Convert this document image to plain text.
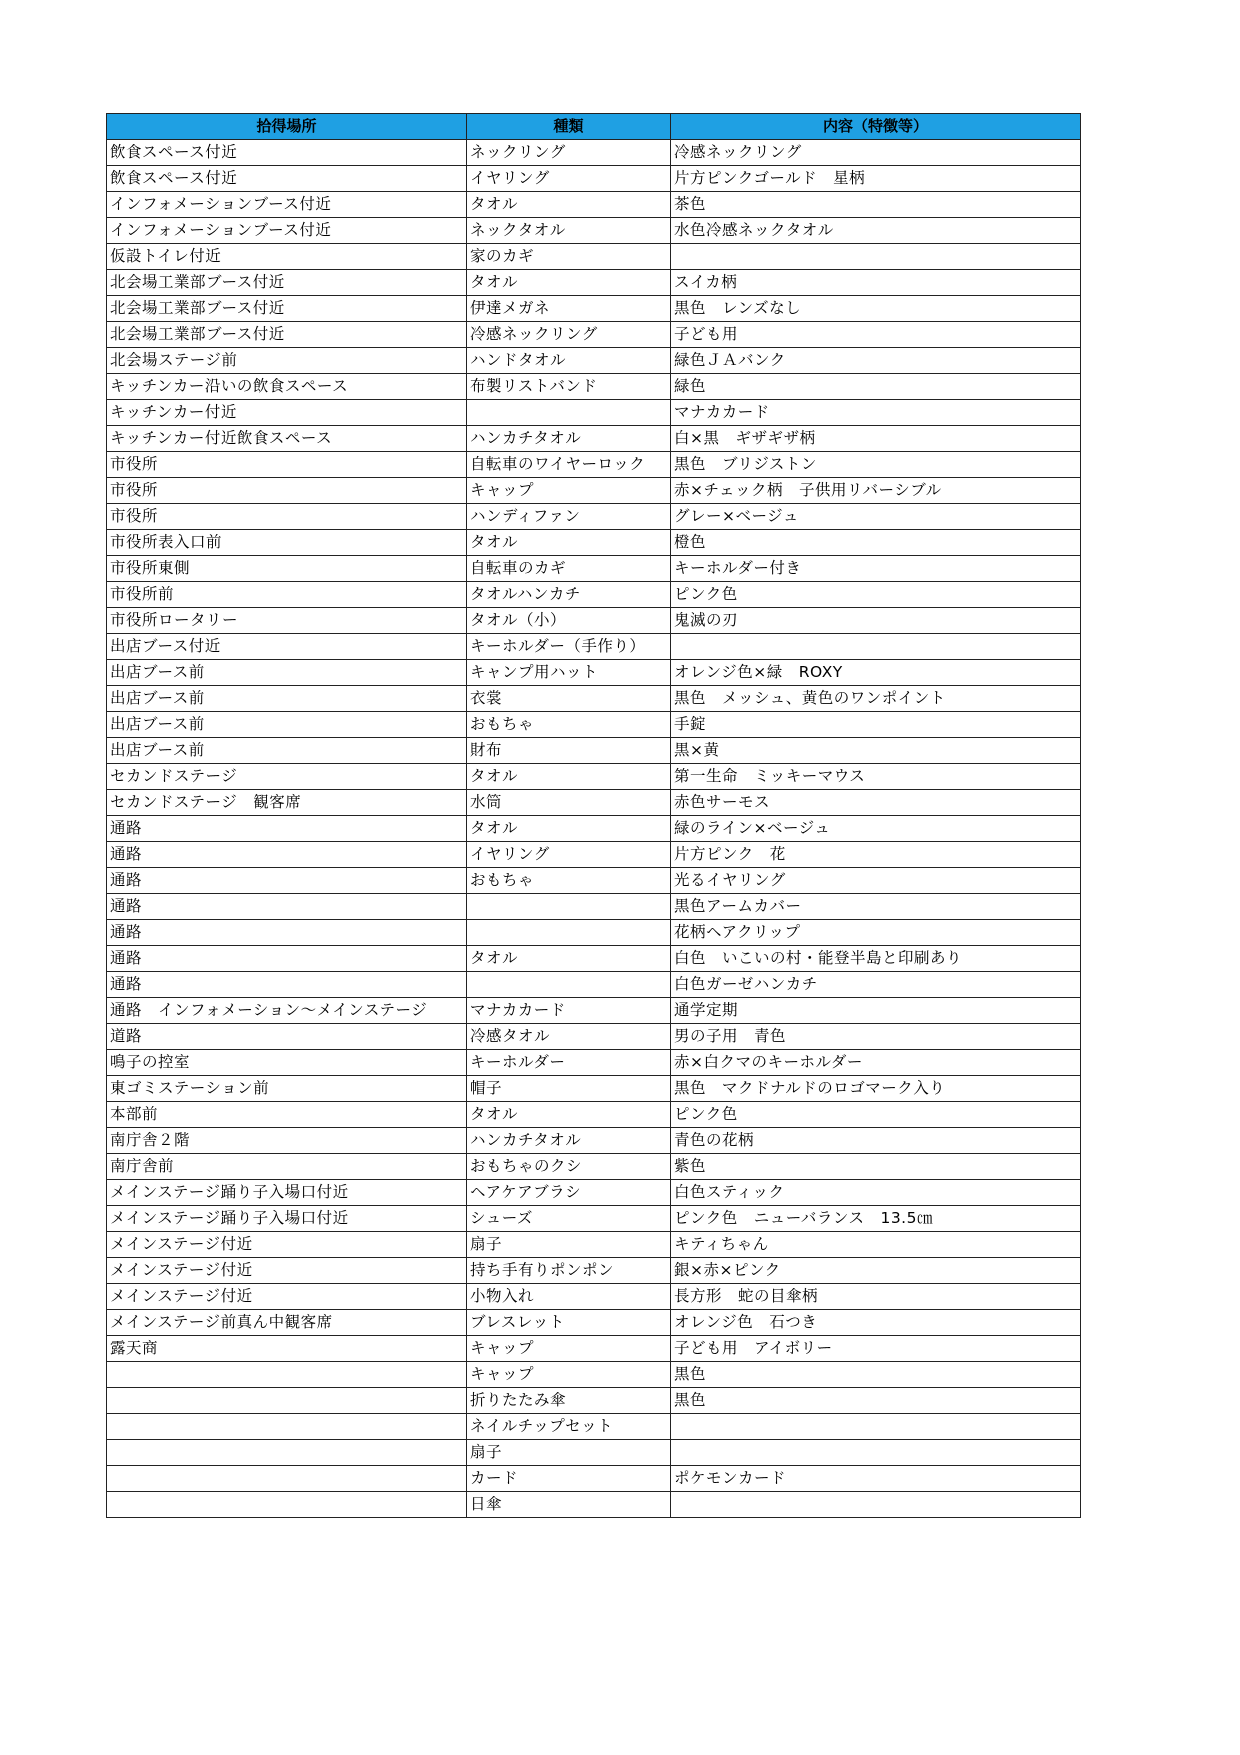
拾得場所	種類	内容（特徴等）
飲食スペース付近	ネックリング	冷感ネックリング
飲食スペース付近	イヤリング	片方ピンクゴールド　星柄
インフォメーションブース付近	タオル	茶色
インフォメーションブース付近	ネックタオル	水色冷感ネックタオル
仮設トイレ付近	家のカギ	
北会場工業部ブース付近	タオル	スイカ柄
北会場工業部ブース付近	伊達メガネ	黒色　レンズなし
北会場工業部ブース付近	冷感ネックリング	子ども用
北会場ステージ前	ハンドタオル	緑色ＪＡバンク
キッチンカー沿いの飲食スペース	布製リストバンド	緑色
キッチンカー付近		マナカカード
キッチンカー付近飲食スペース	ハンカチタオル	白×黒　ギザギザ柄
市役所	自転車のワイヤーロック	黒色　ブリジストン
市役所	キャップ	赤×チェック柄　子供用リバーシブル
市役所	ハンディファン	グレー×ベージュ
市役所表入口前	タオル	橙色
市役所東側	自転車のカギ	キーホルダー付き
市役所前	タオルハンカチ	ピンク色
市役所ロータリー	タオル（小）	鬼滅の刃
出店ブース付近	キーホルダー（手作り）	
出店ブース前	キャンプ用ハット	オレンジ色×緑　ROXY
出店ブース前	衣裳	黒色　メッシュ、黄色のワンポイント
出店ブース前	おもちゃ	手錠
出店ブース前	財布	黒×黄
セカンドステージ	タオル	第一生命　ミッキーマウス
セカンドステージ　観客席	水筒	赤色サーモス
通路	タオル	緑のライン×ベージュ
通路	イヤリング	片方ピンク　花
通路	おもちゃ	光るイヤリング
通路		黒色アームカバー
通路		花柄ヘアクリップ
通路	タオル	白色　いこいの村・能登半島と印刷あり
通路		白色ガーゼハンカチ
通路　インフォメーション～メインステージ	マナカカード	通学定期
道路	冷感タオル	男の子用　青色
鳴子の控室	キーホルダー	赤×白クマのキーホルダー
東ゴミステーション前	帽子	黒色　マクドナルドのロゴマーク入り
本部前	タオル	ピンク色
南庁舎２階	ハンカチタオル	青色の花柄
南庁舎前	おもちゃのクシ	紫色
メインステージ踊り子入場口付近	ヘアケアブラシ	白色スティック
メインステージ踊り子入場口付近	シューズ	ピンク色　ニューバランス　13.5㎝
メインステージ付近	扇子	キティちゃん
メインステージ付近	持ち手有りポンポン	銀×赤×ピンク
メインステージ付近	小物入れ	長方形　蛇の目傘柄
メインステージ前真ん中観客席	ブレスレット	オレンジ色　石つき
露天商	キャップ	子ども用　アイボリー
	キャップ	黒色
	折りたたみ傘	黒色
	ネイルチップセット	
	扇子	
	カード	ポケモンカード
	日傘	
